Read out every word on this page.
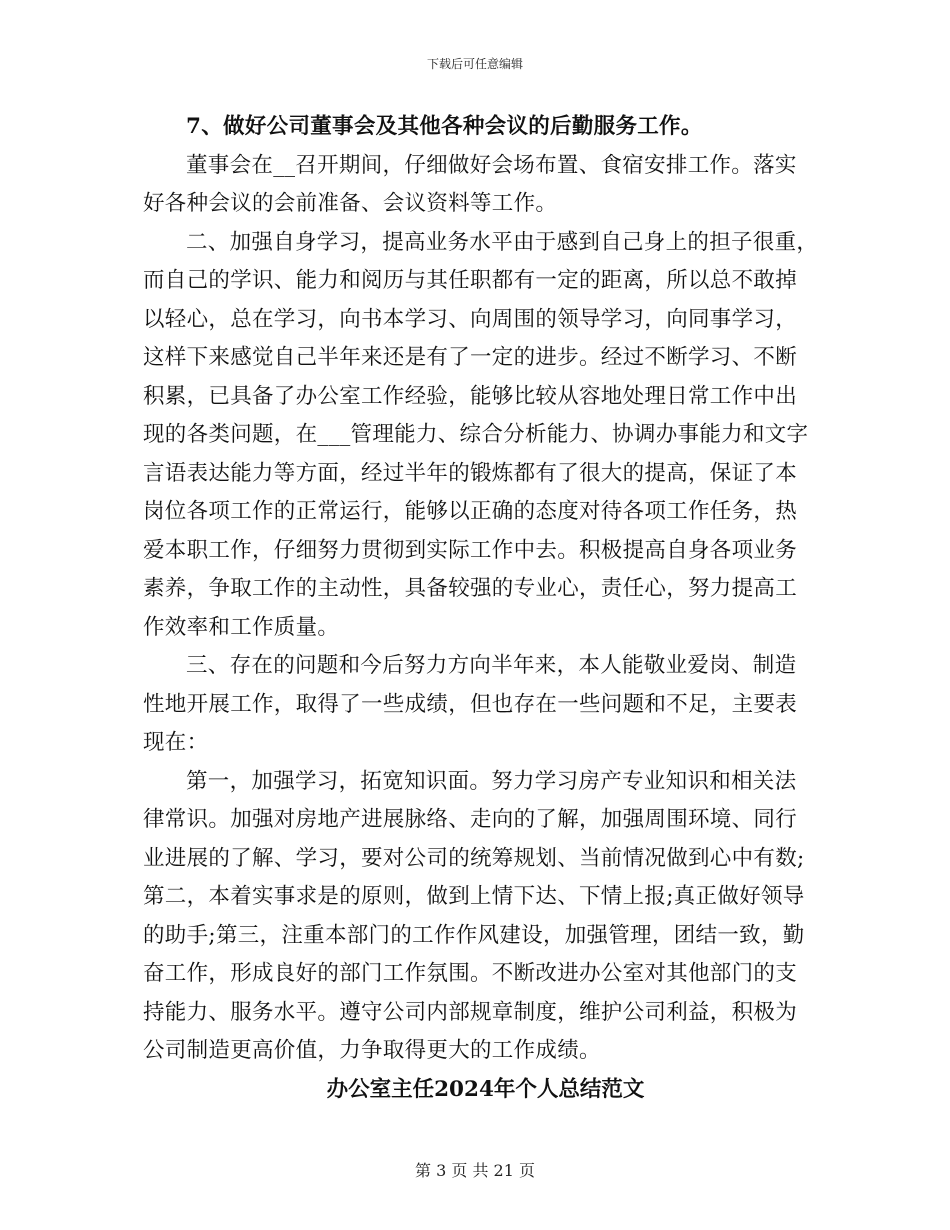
下载后可任意编辑
7、做好公司董事会及其他各种会议的后勤服务工作。
董事会在__召开期间，仔细做好会场布置、食宿安排工作。落实
好各种会议的会前准备、会议资料等工作。
二、加强自身学习，提高业务水平由于感到自己身上的担子很重，
而自己的学识、能力和阅历与其任职都有一定的距离，所以总不敢掉
以轻心，总在学习，向书本学习、向周围的领导学习，向同事学习，
这样下来感觉自己半年来还是有了一定的进步。经过不断学习、不断
积累，已具备了办公室工作经验，能够比较从容地处理日常工作中出
现的各类问题，在___管理能力、综合分析能力、协调办事能力和文字
言语表达能力等方面，经过半年的锻炼都有了很大的提高，保证了本
岗位各项工作的正常运行，能够以正确的态度对待各项工作任务，热
爱本职工作，仔细努力贯彻到实际工作中去。积极提高自身各项业务
素养，争取工作的主动性，具备较强的专业心，责任心，努力提高工
作效率和工作质量。
三、存在的问题和今后努力方向半年来，本人能敬业爱岗、制造
性地开展工作，取得了一些成绩，但也存在一些问题和不足，主要表
现在：
第一，加强学习，拓宽知识面。努力学习房产专业知识和相关法
律常识。加强对房地产进展脉络、走向的了解，加强周围环境、同行
业进展的了解、学习，要对公司的统筹规划、当前情况做到心中有数;
第二，本着实事求是的原则，做到上情下达、下情上报;真正做好领导
的助手;第三，注重本部门的工作作风建设，加强管理，团结一致，勤
奋工作，形成良好的部门工作氛围。不断改进办公室对其他部门的支
持能力、服务水平。遵守公司内部规章制度，维护公司利益，积极为
公司制造更高价值，力争取得更大的工作成绩。
办公室主任2024年个人总结范文
第 3 页 共 21 页
